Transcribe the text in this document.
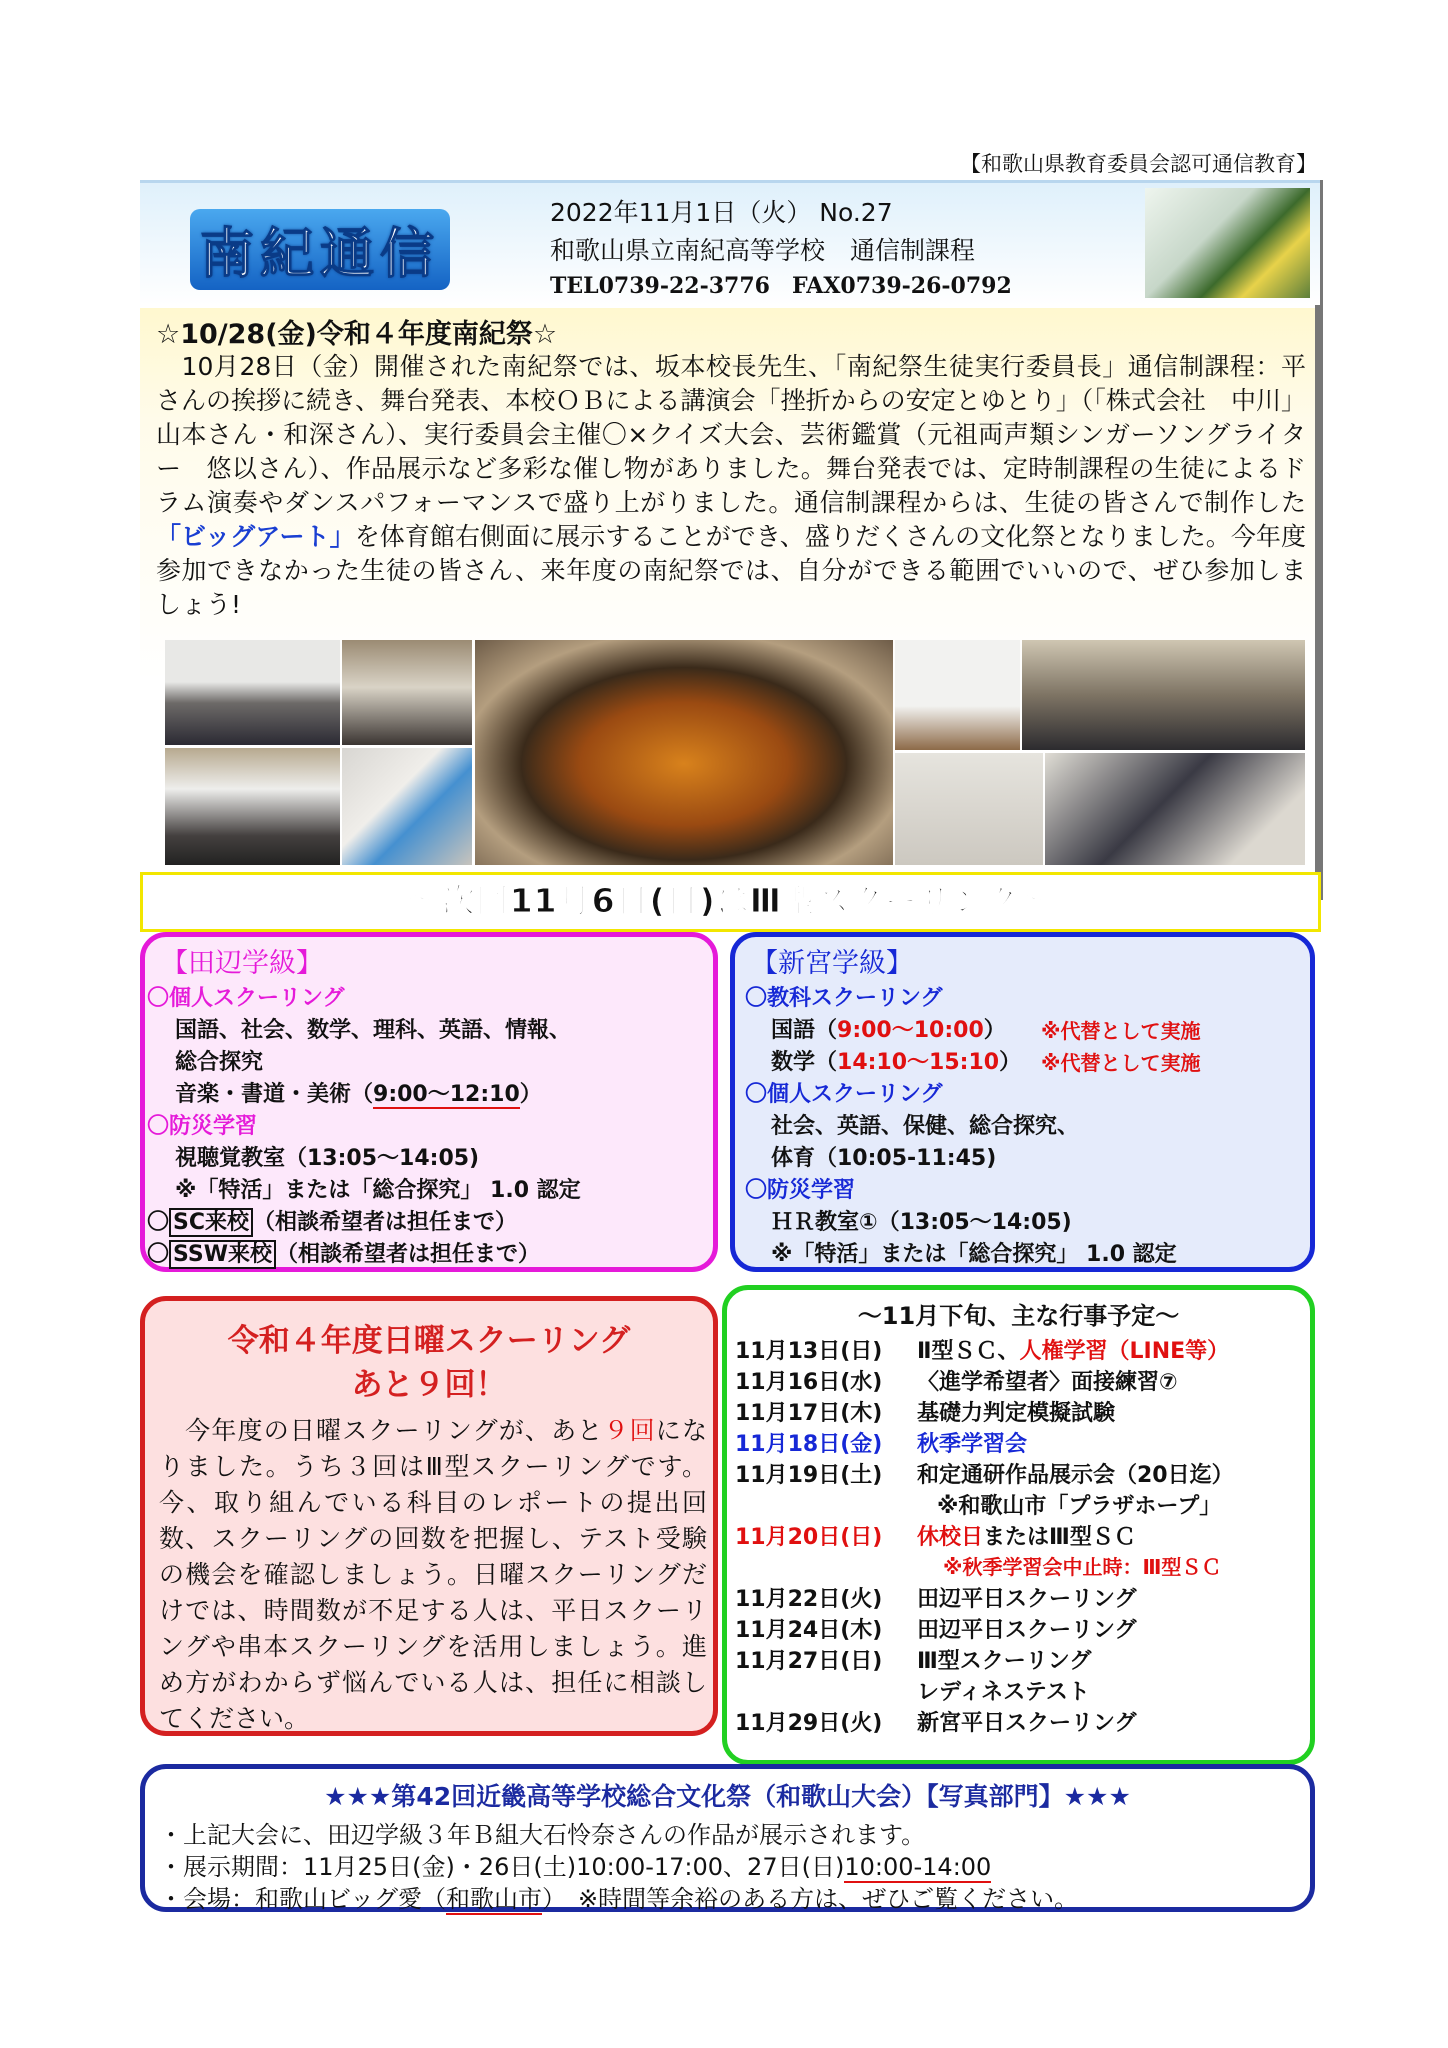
【和歌山県教育委員会認可通信教育】
南紀通信
2022年11月1日（火） No.27
和歌山県立南紀高等学校　通信制課程
TEL0739-22-3776　FAX0739-26-0792
☆10/28(金)令和４年度南紀祭☆
　10月28日（金）開催された南紀祭では、坂本校長先生、「南紀祭生徒実行委員長」通信制課程：平さんの挨拶に続き、舞台発表、本校ＯＢによる講演会「挫折からの安定とゆとり」（「株式会社　中川」山本さん・和深さん）、実行委員会主催〇×クイズ大会、芸術鑑賞（元祖両声類シンガーソングライター　悠以さん）、作品展示など多彩な催し物がありました。舞台発表では、定時制課程の生徒によるドラム演奏やダンスパフォーマンスで盛り上がりました。通信制課程からは、生徒の皆さんで制作した「ビッグアート」を体育館右側面に展示することができ、盛りだくさんの文化祭となりました。今年度参加できなかった生徒の皆さん、来年度の南紀祭では、自分ができる範囲でいいので、ぜひ参加しましょう!
～次回11月6日(日)はⅢ型スクーリング～
【田辺学級】
〇個人スクーリング
国語、社会、数学、理科、英語、情報、
総合探究
音楽・書道・美術（9:00～12:10）
〇防災学習
視聴覚教室（13:05～14:05)
※「特活」または「総合探究」 1.0 認定
〇 SC来校 （相談希望者は担任まで）
〇 SSW来校 （相談希望者は担任まで）
【新宮学級】
〇教科スクーリング
国語（9:00～10:00） ※代替として実施
数学（14:10～15:10） ※代替として実施
〇個人スクーリング
社会、英語、保健、総合探究、
体育（10:05-11:45)
〇防災学習
ＨＲ教室①（13:05～14:05)
※「特活」または「総合探究」 1.0 認定
令和４年度日曜スクーリング
あと９回！
　今年度の日曜スクーリングが、あと９回になりました。うち３回はⅢ型スクーリングです。今、取り組んでいる科目のレポートの提出回数、スクーリングの回数を把握し、テスト受験の機会を確認しましょう。日曜スクーリングだけでは、時間数が不足する人は、平日スクーリングや串本スクーリングを活用しましょう。進め方がわからず悩んでいる人は、担任に相談してください。
～11月下旬、主な行事予定～
11月13日(日) Ⅱ型ＳＣ、人権学習（LINE等）
11月16日(水) 〈進学希望者〉面接練習⑦
11月17日(木) 基礎力判定模擬試験
11月18日(金) 秋季学習会
11月19日(土) 和定通研作品展示会（20日迄）
※和歌山市「プラザホープ」
11月20日(日) 休校日またはⅢ型ＳＣ
※秋季学習会中止時：Ⅲ型ＳＣ
11月22日(火) 田辺平日スクーリング
11月24日(木) 田辺平日スクーリング
11月27日(日) Ⅲ型スクーリング
レディネステスト
11月29日(火) 新宮平日スクーリング
★★★第42回近畿高等学校総合文化祭（和歌山大会）【写真部門】★★★
・上記大会に、田辺学級３年Ｂ組大石怜奈さんの作品が展示されます。
・展示期間：11月25日(金)・26日(土)10:00-17:00、27日(日)10:00-14:00
・会場：和歌山ビッグ愛（和歌山市）　※時間等余裕のある方は、ぜひご覧ください。
